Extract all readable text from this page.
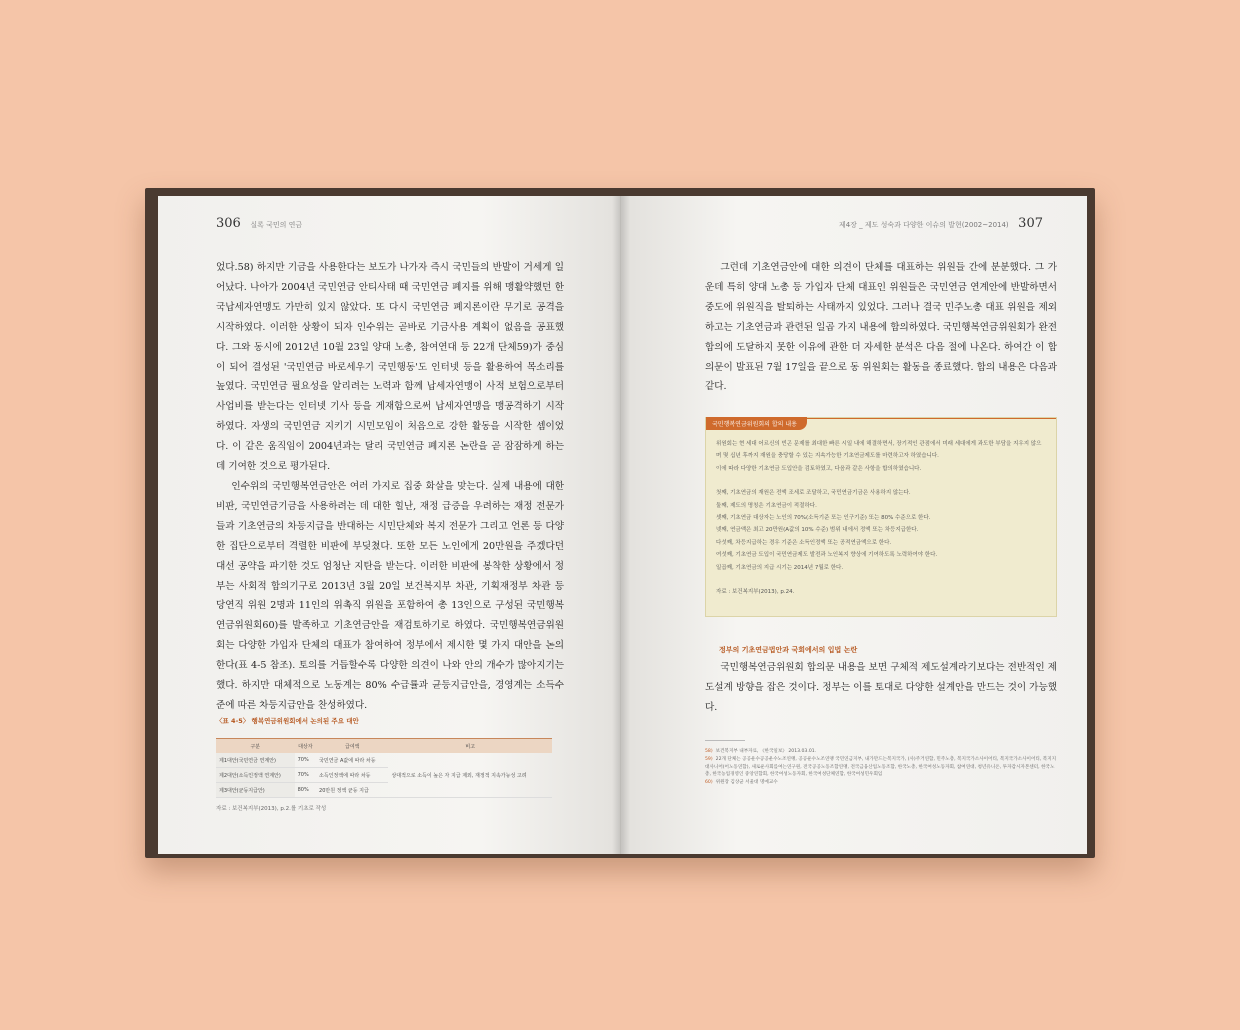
306 실록 국민의 연금

었다.58) 하지만 기금을 사용한다는 보도가 나가자 즉시 국민들의 반발이 거세게 일어났다. 나아가 2004년 국민연금 안티사태 때 국민연금 폐지를 위해 맹활약했던 한국납세자연맹도 가만히 있지 않았다. 또 다시 국민연금 폐지론이란 무기로 공격을 시작하였다. 이러한 상황이 되자 인수위는 곧바로 기금사용 계획이 없음을 공표했다. 그와 동시에 2012년 10월 23일 양대 노총, 참여연대 등 22개 단체59)가 중심이 되어 결성된 '국민연금 바로세우기 국민행동'도 인터넷 등을 활용하여 목소리를 높였다. 국민연금 필요성을 알리려는 노력과 함께 납세자연맹이 사적 보험으로부터 사업비를 받는다는 인터넷 기사 등을 게재함으로써 납세자연맹을 맹공격하기 시작하였다. 자생의 국민연금 지키기 시민모임이 처음으로 강한 활동을 시작한 셈이었다. 이 같은 움직임이 2004년과는 달리 국민연금 폐지론 논란을 곧 잠잠하게 하는 데 기여한 것으로 평가된다.

인수위의 국민행복연금안은 여러 가지로 집중 화살을 맞는다. 실제 내용에 대한 비판, 국민연금기금을 사용하려는 데 대한 힐난, 재정 급증을 우려하는 재정 전문가들과 기초연금의 차등지급을 반대하는 시민단체와 복지 전문가 그리고 언론 등 다양한 집단으로부터 격렬한 비판에 부딪쳤다. 또한 모든 노인에게 20만원을 주겠다던 대선 공약을 파기한 것도 엄청난 지탄을 받는다. 이러한 비판에 봉착한 상황에서 정부는 사회적 합의기구로 2013년 3월 20일 보건복지부 차관, 기획재정부 차관 등 당연직 위원 2명과 11인의 위촉직 위원을 포함하여 총 13인으로 구성된 국민행복연금위원회60)를 발족하고 기초연금안을 재검토하기로 하였다. 국민행복연금위원회는 다양한 가입자 단체의 대표가 참여하여 정부에서 제시한 몇 가지 대안을 논의한다(표 4-5 참조). 토의를 거듭할수록 다양한 의견이 나와 안의 개수가 많아지기는 했다. 하지만 대체적으로 노동계는 80% 수급률과 균등지급안을, 경영계는 소득수준에 따른 차등지급안을 찬성하였다.

〈표 4-5〉 행복연금위원회에서 논의된 주요 대안
구분	대상자	급여액	비고
제1대안(국민연금 연계안)	70%	국민연금 A값에 따라 차등	상대적으로 소득이 높은 자 지급 제외, 재정적 지속가능성 고려
제2대안(소득인정액 연계안)	70%	소득인정액에 따라 차등	
제3대안(균등지급안)	80%	20만원 정액 균등 지급	
자료 : 보건복지부(2013), p.2.를 기초로 작성
제4장 _ 제도 성숙과 다양한 이슈의 발현(2002~2014) 307

그런데 기초연금안에 대한 의견이 단체를 대표하는 위원들 간에 분분했다. 그 가운데 특히 양대 노총 등 가입자 단체 대표인 위원들은 국민연금 연계안에 반발하면서 중도에 위원직을 탈퇴하는 사태까지 있었다. 그러나 결국 민주노총 대표 위원을 제외하고는 기초연금과 관련된 일곱 가지 내용에 합의하였다. 국민행복연금위원회가 완전 합의에 도달하지 못한 이유에 관한 더 자세한 분석은 다음 절에 나온다. 하여간 이 합의문이 발표된 7월 17일을 끝으로 동 위원회는 활동을 종료했다. 합의 내용은 다음과 같다.

국민행복연금위원회의 합의 내용

위원회는 현 세대 어르신의 빈곤 문제를 최대한 빠른 시일 내에 해결하면서, 장기적인 관점에서 미래 세대에게 과도한 부담을 지우지 않으며 몇 십년 후까지 재원을 충당할 수 있는 지속가능한 기초연금제도를 마련하고자 하였습니다.

이에 따라 다양한 기초연금 도입안을 검토하였고, 다음과 같은 사항을 합의하였습니다.

첫째, 기초연금의 재원은 전액 조세로 조달하고, 국민연금기금은 사용하지 않는다.

둘째, 제도의 명칭은 기초연금이 적절하다.

셋째, 기초연금 대상자는 노인의 70%(소득기준 또는 인구기준) 또는 80% 수준으로 한다.

넷째, 연금액은 최고 20만원(A값의 10% 수준) 범위 내에서 정액 또는 차등지급한다.

다섯째, 차등지급하는 경우 기준은 소득인정액 또는 공적연금액으로 한다.

여섯째, 기초연금 도입이 국민연금제도 발전과 노인복지 향상에 기여하도록 노력하여야 한다.

일곱째, 기초연금의 지급 시기는 2014년 7월로 한다.

자료 : 보건복지부(2013), p.24.

정부의 기초연금법안과 국회에서의 입법 논란

국민행복연금위원회 합의문 내용을 보면 구체적 제도설계라기보다는 전반적인 제도설계 방향을 잡은 것이다. 정부는 이를 토대로 다양한 설계안을 만드는 것이 가능했다.

58) 보건복지부 내부자료, 《한국일보》 2013.03.01.
59) 22개 단체는 공공운수공공운수노조연맹, 공공운수노조연맹 국민연금지부, 내가만드는복지국가, (사)주거연합, 민주노총, 복지국가소사이어티, 복지국가소사이어티, 복지지대사니어(어노동연합), 새로운사회를여는연구원, 전국공공노동조합연맹, 전국금융산업노동조합, 한국노총, 한국여성노동자회, 참여연대, 청년유니온, 투자감시자본센터, 한국노총, 한국농업경영인 중앙연합회, 한국여성노동자회, 한국여성단체연합, 한국여성민우회임
60) 위원장 김상균 서울대 명예교수
